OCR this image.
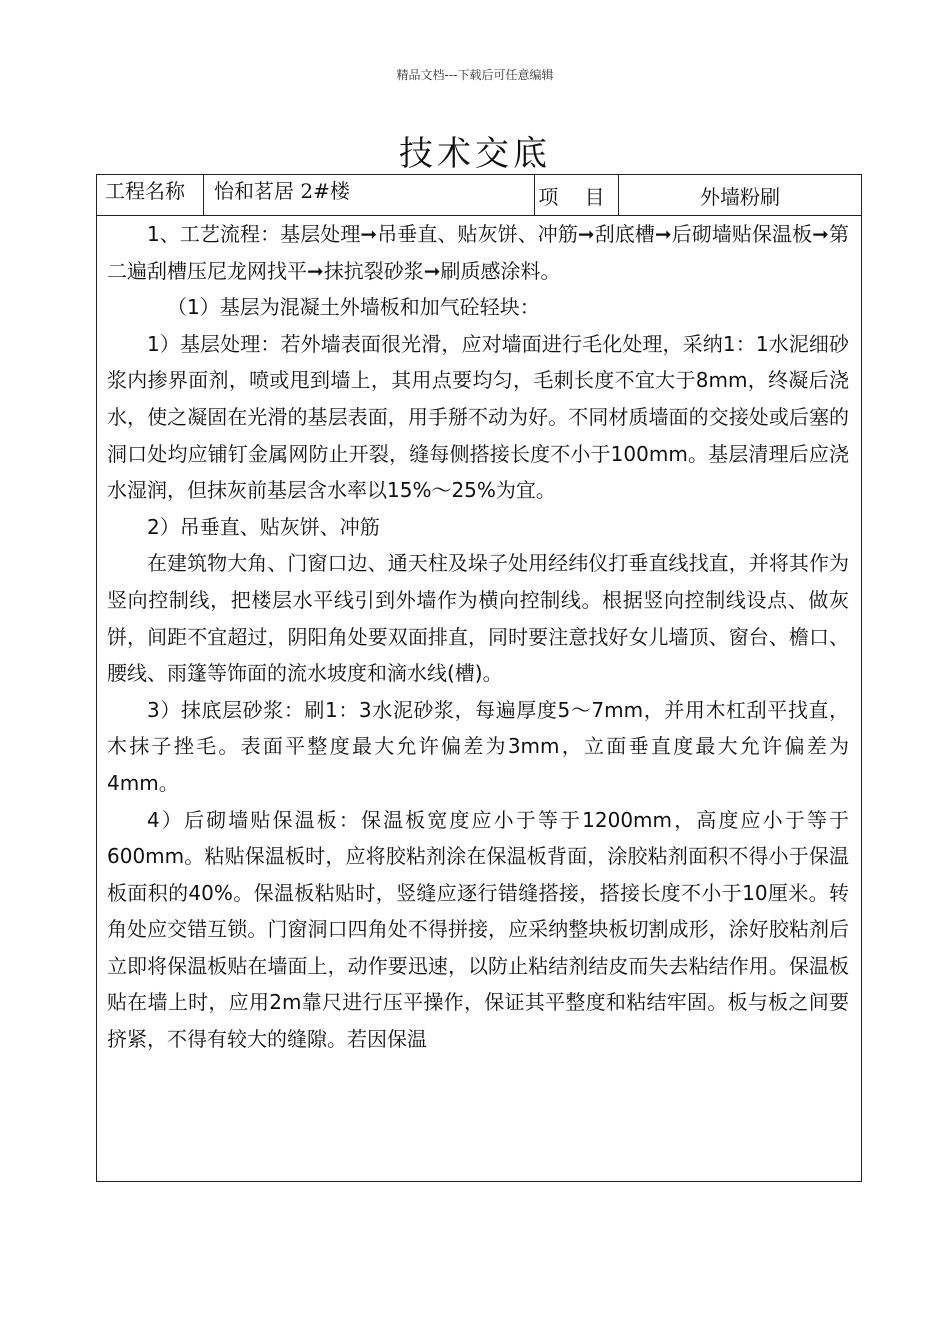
精品文档---下载后可任意编辑
技术交底
工程名称	怡和茗居 2#楼	项 目	外墙粉刷

1、工艺流程：基层处理➞吊垂直、贴灰饼、冲筋➞刮底槽➞后砌墙贴保温板➞第二遍刮槽压尼龙网找平➞抹抗裂砂浆➞刷质感涂料。

（1）基层为混凝土外墙板和加气砼轻块：

1）基层处理：若外墙表面很光滑，应对墙面进行毛化处理，采纳1：1水泥细砂浆内掺界面剂，喷或甩到墙上，其用点要均匀，毛刺长度不宜大于8mm，终凝后浇水，使之凝固在光滑的基层表面，用手掰不动为好。不同材质墙面的交接处或后塞的洞口处均应铺钉金属网防止开裂，缝每侧搭接长度不小于100mm。基层清理后应浇水湿润，但抹灰前基层含水率以15%～25%为宜。

2）吊垂直、贴灰饼、冲筋

在建筑物大角、门窗口边、通天柱及垛子处用经纬仪打垂直线找直，并将其作为竖向控制线，把楼层水平线引到外墙作为横向控制线。根据竖向控制线设点、做灰饼，间距不宜超过，阴阳角处要双面排直，同时要注意找好女儿墙顶、窗台、檐口、腰线、雨篷等饰面的流水坡度和滴水线(槽)。

3）抹底层砂浆：刷1：3水泥砂浆，每遍厚度5～7mm，并用木杠刮平找直，木抹子挫毛。表面平整度最大允许偏差为3mm，立面垂直度最大允许偏差为4mm。

4）后砌墙贴保温板：保温板宽度应小于等于1200mm，高度应小于等于600mm。粘贴保温板时，应将胶粘剂涂在保温板背面，涂胶粘剂面积不得小于保温板面积的40%。保温板粘贴时，竖缝应逐行错缝搭接，搭接长度不小于10厘米。转角处应交错互锁。门窗洞口四角处不得拼接，应采纳整块板切割成形，涂好胶粘剂后立即将保温板贴在墙面上，动作要迅速，以防止粘结剂结皮而失去粘结作用。保温板贴在墙上时，应用2m靠尺进行压平操作，保证其平整度和粘结牢固。板与板之间要挤紧，不得有较大的缝隙。若因保温
